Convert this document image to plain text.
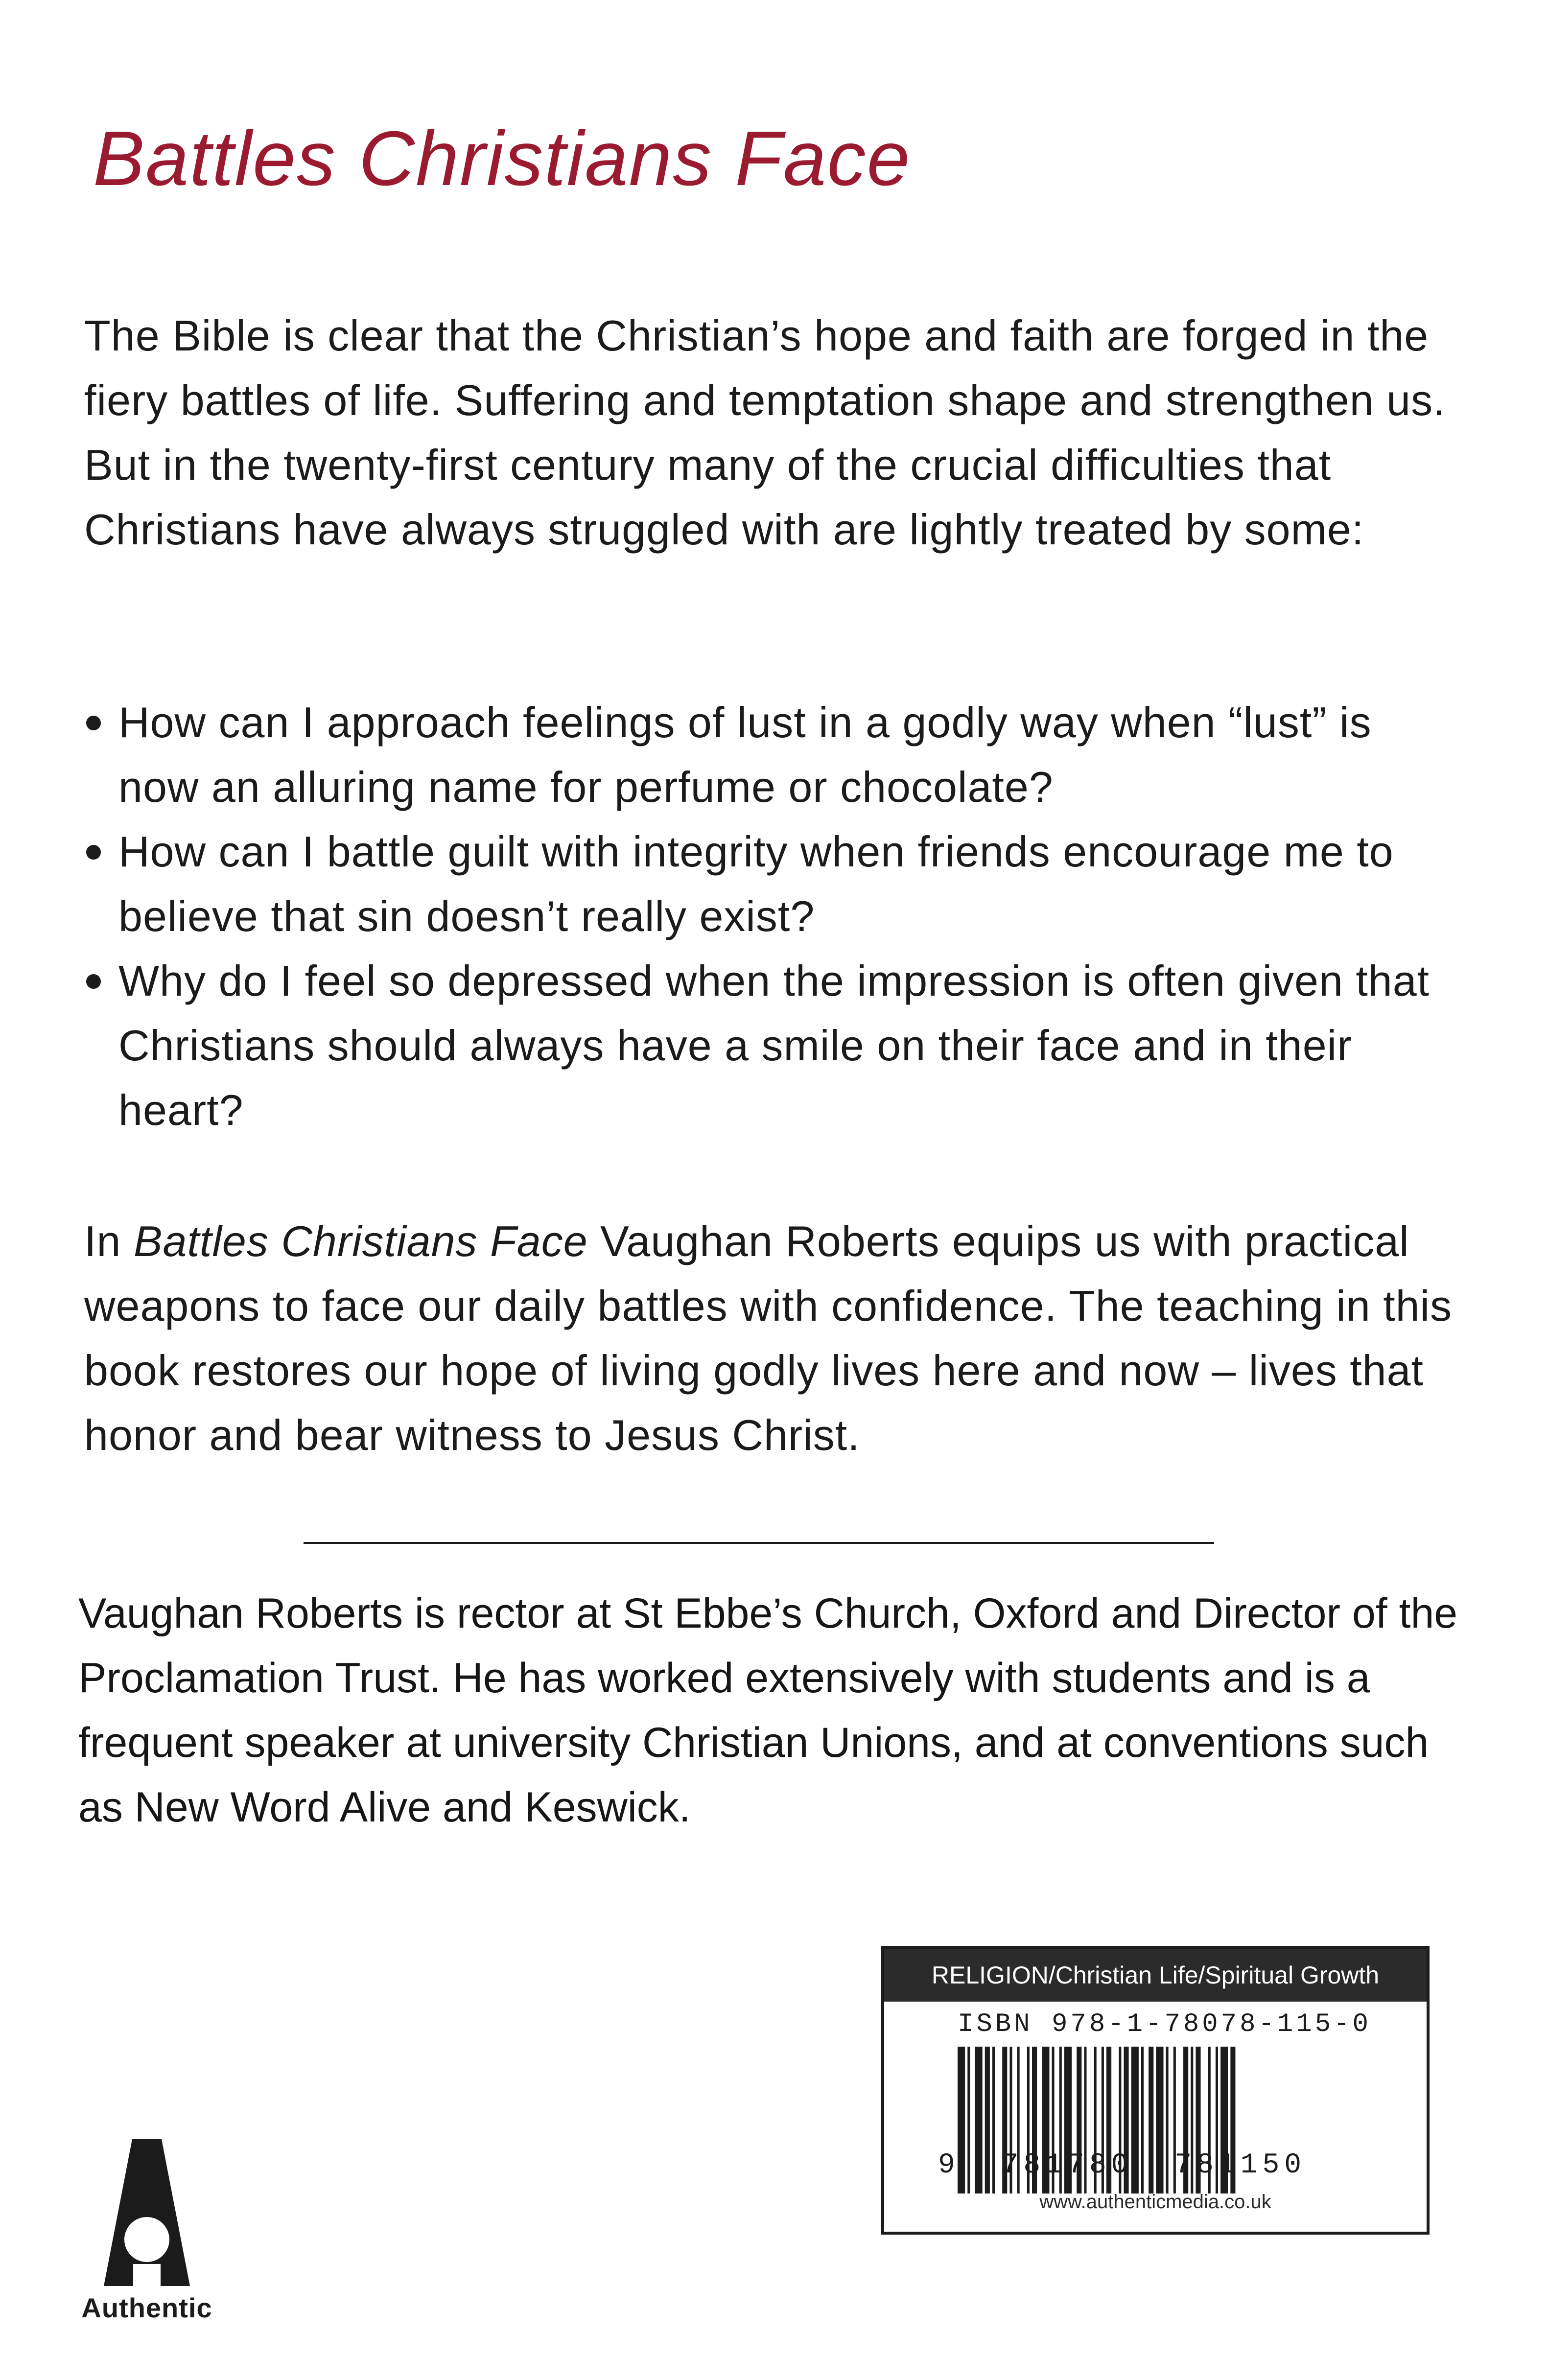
Battles Christians Face

The Bible is clear that the Christian’s hope and faith are forged in the fiery battles of life. Suffering and temptation shape and strengthen us. But in the twenty-first century many of the crucial difficulties that Christians have always struggled with are lightly treated by some:

How can I approach feelings of lust in a godly way when “lust” is now an alluring name for perfume or chocolate?
How can I battle guilt with integrity when friends encourage me to believe that sin doesn’t really exist?
Why do I feel so depressed when the impression is often given that Christians should always have a smile on their face and in their heart?

In Battles Christians Face Vaughan Roberts equips us with practical weapons to face our daily battles with confidence. The teaching in this book restores our hope of living godly lives here and now – lives that honor and bear witness to Jesus Christ.

Vaughan Roberts is rector at St Ebbe’s Church, Oxford and Director of the Proclamation Trust. He has worked extensively with students and is a frequent speaker at university Christian Unions, and at conventions such as New Word Alive and Keswick.

Authentic
RELIGION/Christian Life/Spiritual Growth
ISBN 978-1-78078-115-0
9 781780 781150
www.authenticmedia.co.uk
